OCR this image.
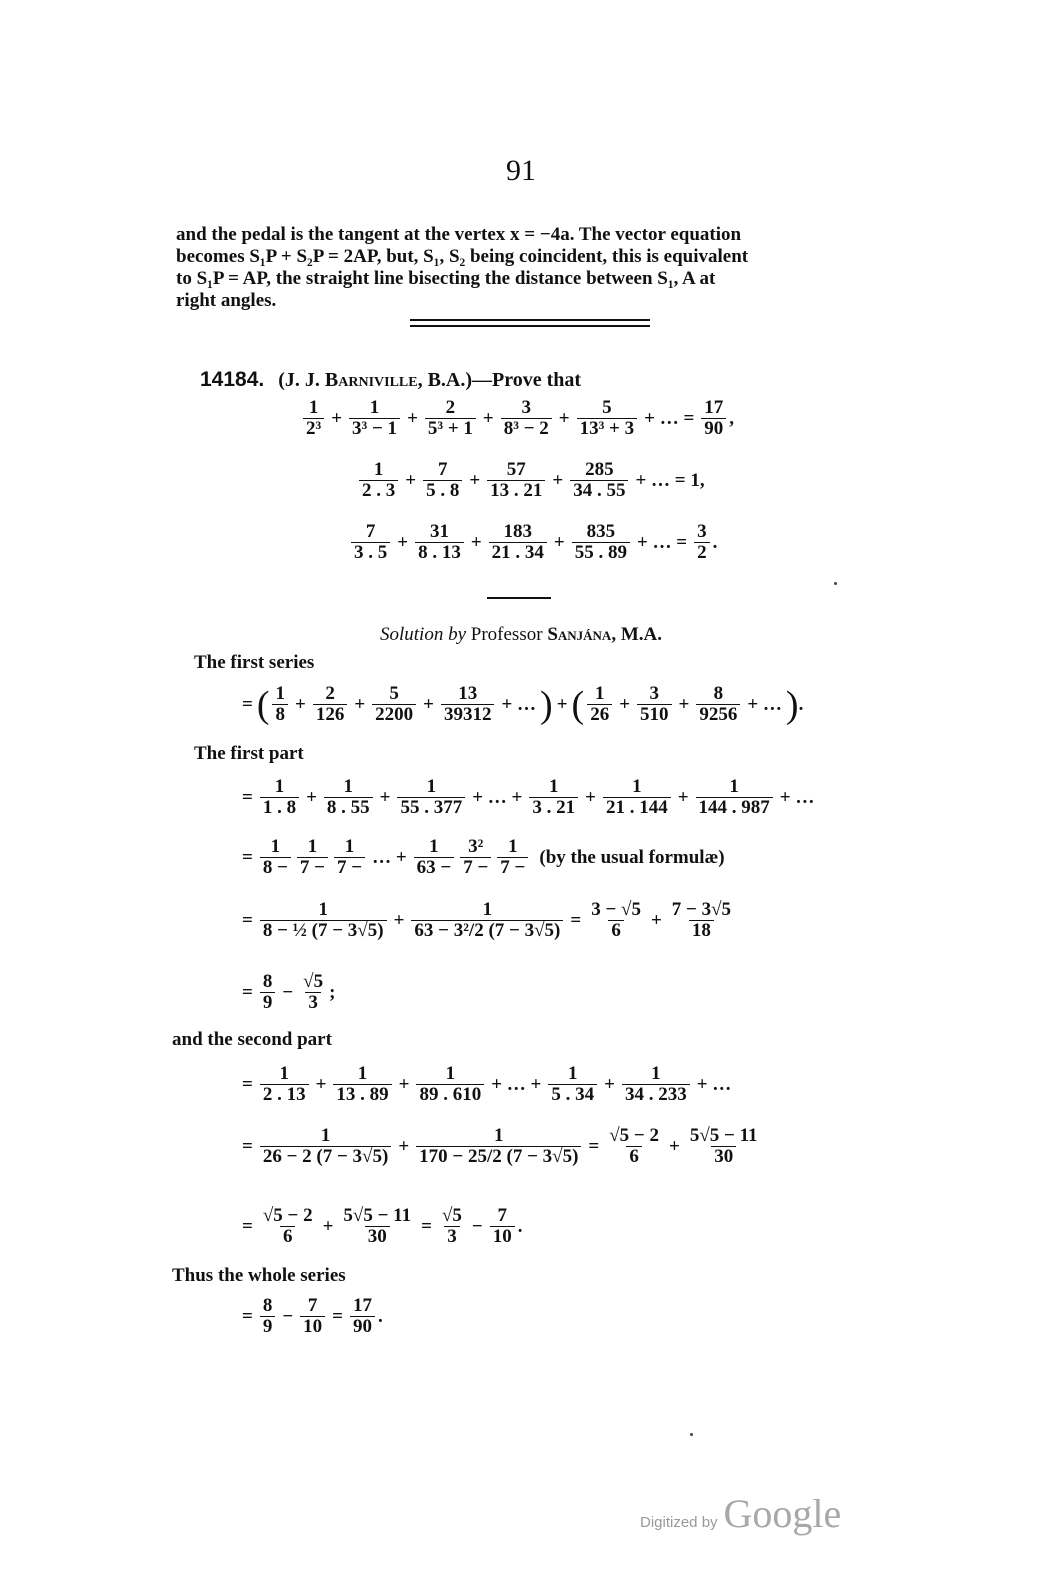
91

and the pedal is the tangent at the vertex x = −4a. The vector equation

becomes S₁P + S₂P = 2AP, but, S₁, S₂ being coincident, this is equivalent

to S₁P = AP, the straight line bisecting the distance between S₁, A at

right angles.

14184. (J. J. Barniville, B.A.)—Prove that
$\frac{1}{\text{2³}} + \frac{1}{\text{3³ − 1}} + \frac{2}{\text{5³ + 1}} + \frac{3}{\text{8³ − 2}} + \frac{5}{\text{13³ + 3}}$ + … = $\frac{17}{90}$ ,
$\frac{1}{2 . 3} + \frac{7}{5 . 8} + \frac{57}{13 . 21} + \frac{285}{34 . 55}$ + … = 1,
$\frac{7}{3 . 5} + \frac{31}{8 . 13} + \frac{183}{21 . 34} + \frac{835}{55 . 89}$ + … = $\frac{3}{2}$ .
Solution by Professor Sanjána, M.A.
The first series
= ( $\frac{1}{8} + \frac{2}{126} + \frac{5}{2200} + \frac{13}{39312}$ + … ) + ( $\frac{1}{26} + \frac{3}{510} + \frac{8}{9256}$ + … ) .
The first part
= $\frac{1}{1 . 8} + \frac{1}{8 . 55} + \frac{1}{55 . 377}$ + … + $\frac{1}{3 . 21} + \frac{1}{21 . 144} + \frac{1}{144 . 987}$ + …
= $\frac{1}{8 -} \frac{1}{7 -} \frac{1}{7 -}$ … + $\frac{1}{63 -} \frac{\text{3²}}{7 -} \frac{1}{7 -} (by$ the usual formulæ)
= $\frac{1}{\text{8 − ½ (7 − 3√5)}} + \frac{1}{\text{63 − 3²/2 (7 − 3√5)}} = \frac{3 - √5}{6} + \frac{7 - 3√5}{18}$
= $\frac{8}{9} - \frac{√5}{3}$ ;
and the second part
= $\frac{1}{2 . 13} + \frac{1}{13 . 89} + \frac{1}{89 . 610}$ + … + $\frac{1}{5 . 34} + \frac{1}{34 . 233}$ + …
= $\frac{1}{26 - 2 (7 - 3√5)} + \frac{1}{170 - 25/2 (7 - 3√5)} = \frac{√5 - 2}{6} + \frac{5√5 - 11}{30}$
= $\frac{√5 - 2}{6} + \frac{5√5 - 11}{30} = \frac{√5}{3} - \frac{7}{10}$ .
Thus the whole series
= $\frac{8}{9} - \frac{7}{10} = \frac{17}{90}$ .
Digitized by Google
